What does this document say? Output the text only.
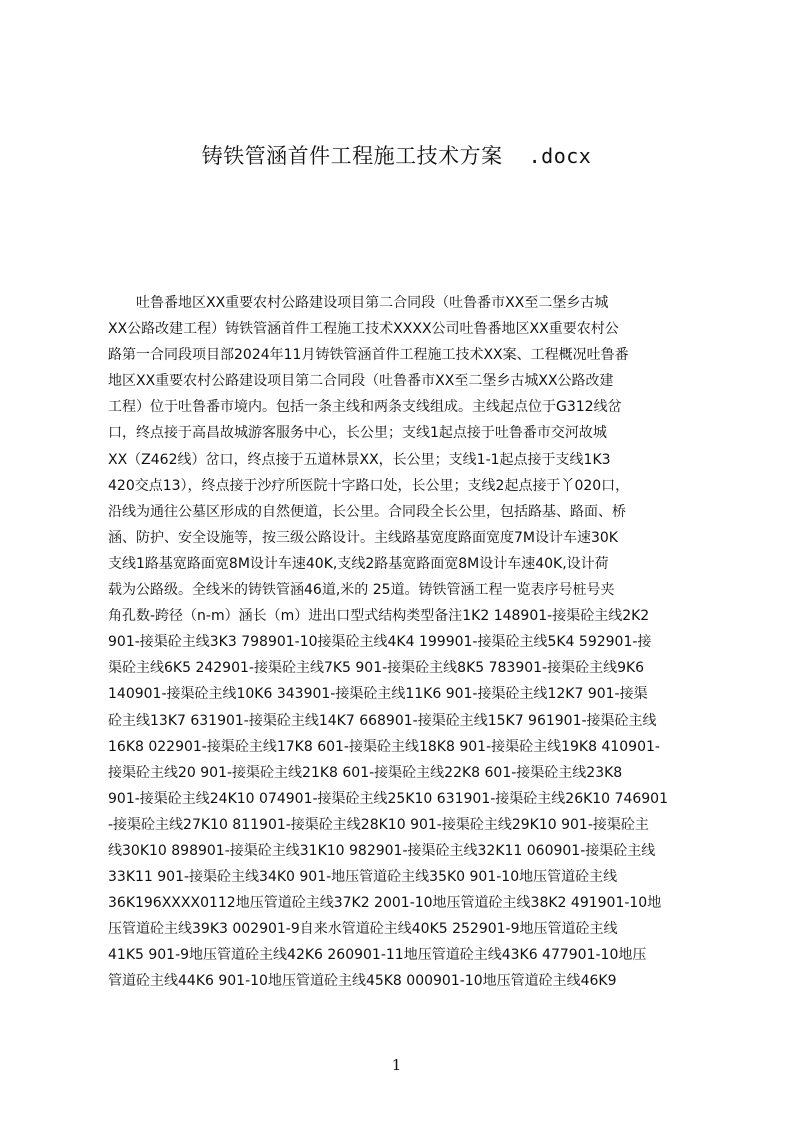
铸铁管涵首件工程施工技术方案 .docx
　　吐鲁番地区XX重要农村公路建设项目第二合同段（吐鲁番市XX至二堡乡古城
XX公路改建工程）铸铁管涵首件工程施工技术XXXX公司吐鲁番地区XX重要农村公
路第一合同段项目部2024年11月铸铁管涵首件工程施工技术XX案、工程概况吐鲁番
地区XX重要农村公路建设项目第二合同段（吐鲁番市XX至二堡乡古城XX公路改建
工程）位于吐鲁番市境内。包括一条主线和两条支线组成。主线起点位于G312线岔
口，终点接于高昌故城游客服务中心，长公里；支线1起点接于吐鲁番市交河故城
XX（Z462线）岔口，终点接于五道林景XX，长公里；支线1-1起点接于支线1K3
420交点13），终点接于沙疗所医院十字路口处，长公里；支线2起点接于丫020口，
沿线为通往公墓区形成的自然便道，长公里。合同段全长公里，包括路基、路面、桥
涵、防护、安全设施等，按三级公路设计。主线路基宽度路面宽度7M设计车速30K
支线1路基宽路面宽8M设计车速40K,支线2路基宽路面宽8M设计车速40K,设计荷
载为公路级。全线米的铸铁管涵46道,米的 25道。铸铁管涵工程一览表序号桩号夹
角孔数-跨径（n-m）涵长（m）进出口型式结构类型备注1K2 148901-接渠砼主线2K2
901-接渠砼主线3K3 798901-10接渠砼主线4K4 199901-接渠砼主线5K4 592901-接
渠砼主线6K5 242901-接渠砼主线7K5 901-接渠砼主线8K5 783901-接渠砼主线9K6
140901-接渠砼主线10K6 343901-接渠砼主线11K6 901-接渠砼主线12K7 901-接渠
砼主线13K7 631901-接渠砼主线14K7 668901-接渠砼主线15K7 961901-接渠砼主线
16K8 022901-接渠砼主线17K8 601-接渠砼主线18K8 901-接渠砼主线19K8 410901-
接渠砼主线20 901-接渠砼主线21K8 601-接渠砼主线22K8 601-接渠砼主线23K8
901-接渠砼主线24K10 074901-接渠砼主线25K10 631901-接渠砼主线26K10 746901
-接渠砼主线27K10 811901-接渠砼主线28K10 901-接渠砼主线29K10 901-接渠砼主
线30K10 898901-接渠砼主线31K10 982901-接渠砼主线32K11 060901-接渠砼主线
33K11 901-接渠砼主线34K0 901-地压管道砼主线35K0 901-10地压管道砼主线
36K196XXXX0112地压管道砼主线37K2 2001-10地压管道砼主线38K2 491901-10地
压管道砼主线39K3 002901-9自来水管道砼主线40K5 252901-9地压管道砼主线
41K5 901-9地压管道砼主线42K6 260901-11地压管道砼主线43K6 477901-10地压
管道砼主线44K6 901-10地压管道砼主线45K8 000901-10地压管道砼主线46K9
1
